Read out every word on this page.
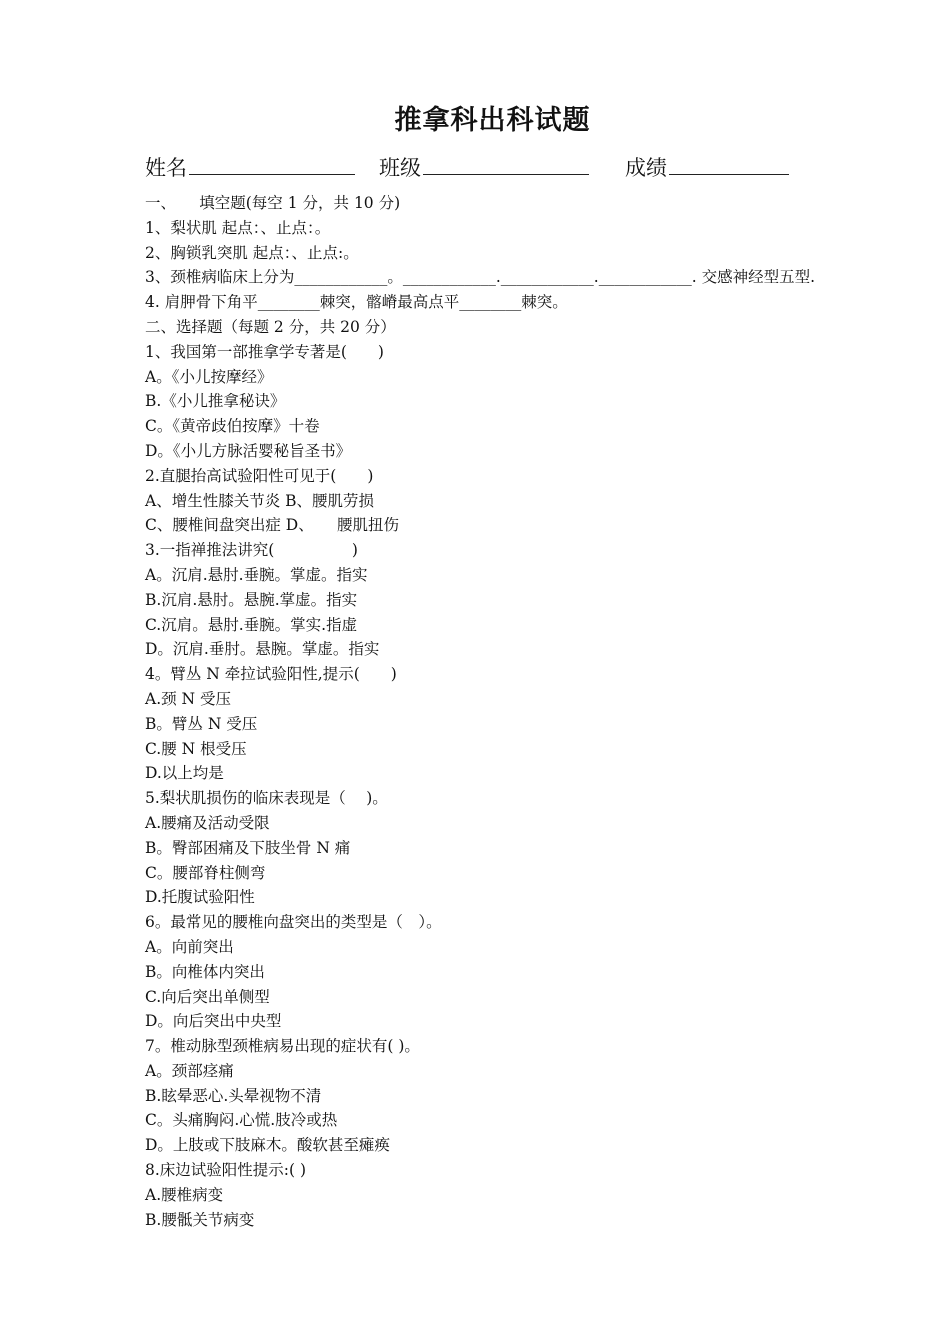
推拿科出科试题
姓名	班级	成绩
一、　　填空题(每空 1 分，共 10 分)
1、梨状肌 起点：、止点：。
2、胸锁乳突肌 起点：、止点:。
3、颈椎病临床上分为____________。____________.____________.____________. 交感神经型五型.
4. 肩胛骨下角平________棘突，髂嵴最高点平________棘突。
二、选择题（每题 2 分，共 20 分）
1、我国第一部推拿学专著是(　　)
A。《小儿按摩经》
B.《小儿推拿秘诀》
C。《黄帝歧伯按摩》十卷
D。《小儿方脉活婴秘旨圣书》
2.直腿抬高试验阳性可见于(　　)
A、增生性膝关节炎 B、腰肌劳损
C、腰椎间盘突出症 D、　　腰肌扭伤
3.一指禅推法讲究(　　　　　)
A。沉肩.悬肘.垂腕。掌虚。指实
B.沉肩.悬肘。悬腕.掌虚。指实
C.沉肩。悬肘.垂腕。掌实.指虚
D。沉肩.垂肘。悬腕。掌虚。指实
4。臂丛 N 牵拉试验阳性,提示(　　)
A.颈 N 受压
B。臂丛 N 受压
C.腰 N 根受压
D.以上均是
5.梨状肌损伤的临床表现是（　 )。
A.腰痛及活动受限
B。臀部困痛及下肢坐骨 N 痛
C。腰部脊柱侧弯
D.托腹试验阳性
6。最常见的腰椎向盘突出的类型是（　）。
A。向前突出
B。向椎体内突出
C.向后突出单侧型
D。向后突出中央型
7。椎动脉型颈椎病易出现的症状有( )。
A。颈部痉痛
B.眩晕恶心.头晕视物不清
C。头痛胸闷.心慌.肢冷或热
D。上肢或下肢麻木。酸软甚至瘫痪
8.床边试验阳性提示:( )
A.腰椎病变
B.腰骶关节病变
